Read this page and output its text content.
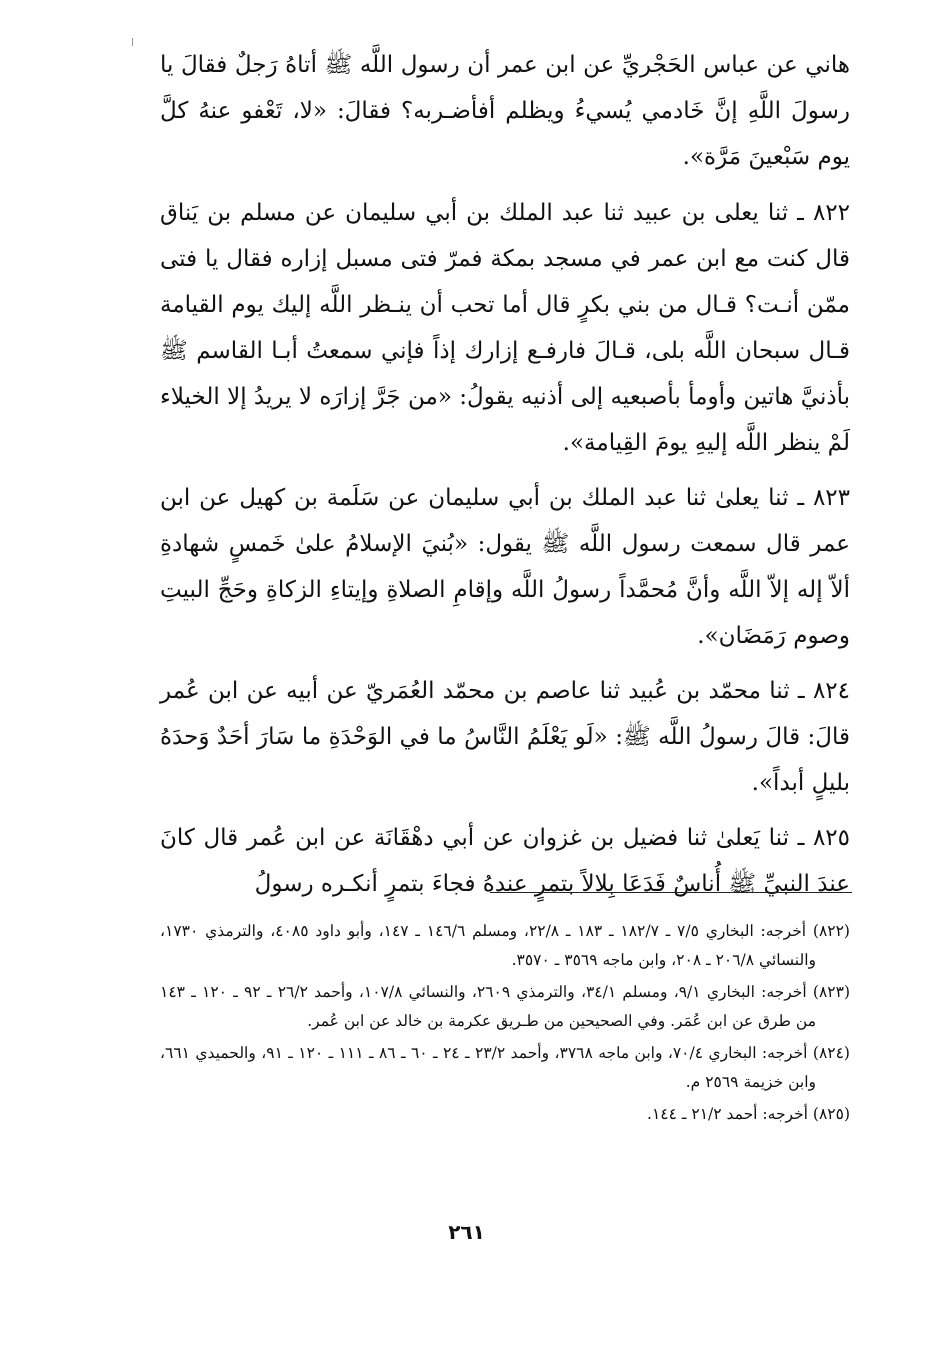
هاني عن عباس الحَجْريِّ عن ابن عمر أن رسول اللَّه ﷺ أتاهُ رَجلٌ فقالَ يا رسولَ اللَّهِ إنَّ خَادمي يُسيءُ ويظلم أفأضـربه؟ فقالَ: «لا، تَعْفو عنهُ كلَّ يوم سَبْعينَ مَرَّة».

٨٢٢ ـ ثنا يعلى بن عبيد ثنا عبد الملك بن أبي سليمان عن مسلم بن يَناق قال كنت مع ابن عمر في مسجد بمكة فمرّ فتى مسبل إزاره فقال يا فتى ممّن أنـت؟ قـال من بني بكرٍ قال أما تحب أن ينـظر اللَّه إليك يوم القيامة قـال سبحان اللَّه بلى، قـالَ فارفـع إزارك إذاً فإني سمعتُ أبـا القاسم ﷺ بأذنيَّ هاتين وأومأ بأصبعيه إلى أذنيه يقولُ: «من جَرَّ إزارَه لا يريدُ إلا الخيلاء لَمْ ينظر اللَّه إليهِ يومَ القِيامة».

٨٢٣ ـ ثنا يعلىٰ ثنا عبد الملك بن أبي سليمان عن سَلَمة بن كهيل عن ابن عمر قال سمعت رسول اللَّه ﷺ يقول: «بُنيَ الإسلامُ علىٰ خَمسٍ شهادةِ ألاّ إله إلاّ اللَّه وأنَّ مُحمَّداً رسولُ اللَّه وإقامِ الصلاةِ وإيتاءِ الزكاةِ وحَجِّ البيتِ وصوم رَمَضَان».

٨٢٤ ـ ثنا محمّد بن عُبيد ثنا عاصم بن محمّد العُمَريّ عن أبيه عن ابن عُمر قالَ: قالَ رسولُ اللَّه ﷺ: «لَو يَعْلَمُ النَّاسُ ما في الوَحْدَةِ ما سَارَ أحَدٌ وَحدَهُ بليلٍ أبداً».

٨٢٥ ـ ثنا يَعلىٰ ثنا فضيل بن غزوان عن أبي دهْقَانَة عن ابن عُمر قال كانَ عندَ النبيِّ ﷺ أُناسٌ فَدَعَا بِلالاً بتمرٍ عندهُ فجاءَ بتمرٍ أنكـره رسولُ

(٨٢٢) أخرجه: البخاري ٧/٥ ـ ١٨٢/٧ ـ ١٨٣ ـ ٢٢/٨، ومسلم ١٤٦/٦ ـ ١٤٧، وأبو داود ٤٠٨٥، والترمذي ١٧٣٠، والنسائي ٢٠٦/٨ ـ ٢٠٨، وابن ماجه ٣٥٦٩ ـ ٣٥٧٠.

(٨٢٣) أخرجه: البخاري ٩/١، ومسلم ٣٤/١، والترمذي ٢٦٠٩، والنسائي ١٠٧/٨، وأحمد ٢٦/٢ ـ ٩٢ ـ ١٢٠ ـ ١٤٣ من طرق عن ابن عُمَر. وفي الصحيحين من طـريق عكرمة بن خالد عن ابن عُمر.

(٨٢٤) أخرجه: البخاري ٧٠/٤، وابن ماجه ٣٧٦٨، وأحمد ٢٣/٢ ـ ٢٤ ـ ٦٠ ـ ٨٦ ـ ١١١ ـ ١٢٠ ـ ٩١، والحميدي ٦٦١، وابن خزيمة ٢٥٦٩ م.

(٨٢٥) أخرجه: أحمد ٢١/٢ ـ ١٤٤.

٢٦١
